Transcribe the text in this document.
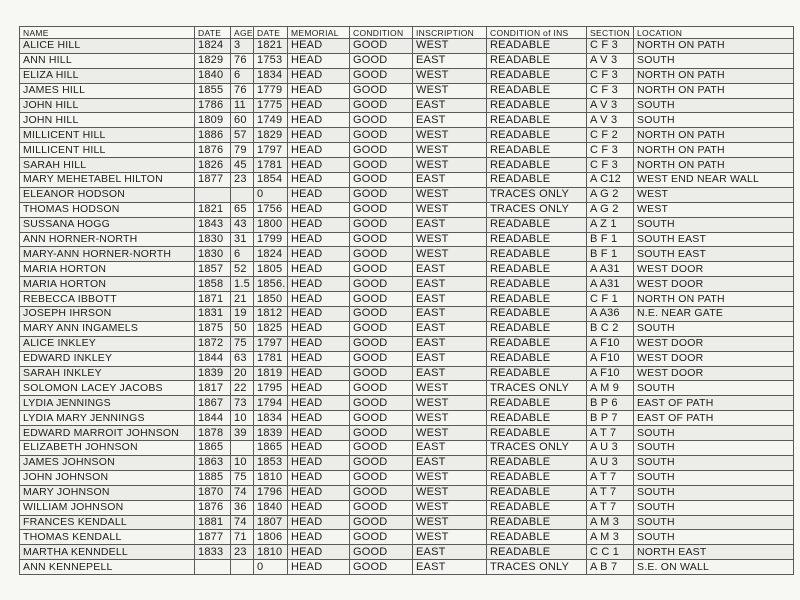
NAME	DATE	AGE	DATE	MEMORIAL	CONDITION	INSCRIPTION	CONDITION of INS	SECTION	LOCATION
ALICE HILL	1824	3	1821	HEAD	GOOD	WEST	READABLE	C F 3	NORTH ON PATH
ANN HILL	1829	76	1753	HEAD	GOOD	EAST	READABLE	A V 3	SOUTH
ELIZA HILL	1840	6	1834	HEAD	GOOD	WEST	READABLE	C F 3	NORTH ON PATH
JAMES HILL	1855	76	1779	HEAD	GOOD	WEST	READABLE	C F 3	NORTH ON PATH
JOHN HILL	1786	11	1775	HEAD	GOOD	EAST	READABLE	A V 3	SOUTH
JOHN HILL	1809	60	1749	HEAD	GOOD	EAST	READABLE	A V 3	SOUTH
MILLICENT HILL	1886	57	1829	HEAD	GOOD	WEST	READABLE	C F 2	NORTH ON PATH
MILLICENT HILL	1876	79	1797	HEAD	GOOD	WEST	READABLE	C F 3	NORTH ON PATH
SARAH HILL	1826	45	1781	HEAD	GOOD	WEST	READABLE	C F 3	NORTH ON PATH
MARY MEHETABEL HILTON	1877	23	1854	HEAD	GOOD	EAST	READABLE	A C12	WEST END NEAR WALL
ELEANOR HODSON			0	HEAD	GOOD	WEST	TRACES ONLY	A G 2	WEST
THOMAS HODSON	1821	65	1756	HEAD	GOOD	WEST	TRACES ONLY	A G 2	WEST
SUSSANA HOGG	1843	43	1800	HEAD	GOOD	EAST	READABLE	A Z 1	SOUTH
ANN HORNER-NORTH	1830	31	1799	HEAD	GOOD	WEST	READABLE	B F 1	SOUTH EAST
MARY-ANN HORNER-NORTH	1830	6	1824	HEAD	GOOD	WEST	READABLE	B F 1	SOUTH EAST
MARIA HORTON	1857	52	1805	HEAD	GOOD	EAST	READABLE	A A31	WEST DOOR
MARIA HORTON	1858	1.5	1856.	HEAD	GOOD	EAST	READABLE	A A31	WEST DOOR
REBECCA IBBOTT	1871	21	1850	HEAD	GOOD	EAST	READABLE	C F 1	NORTH ON PATH
JOSEPH IHRSON	1831	19	1812	HEAD	GOOD	EAST	READABLE	A A36	N.E. NEAR GATE
MARY ANN INGAMELS	1875	50	1825	HEAD	GOOD	EAST	READABLE	B C 2	SOUTH
ALICE INKLEY	1872	75	1797	HEAD	GOOD	EAST	READABLE	A F10	WEST DOOR
EDWARD INKLEY	1844	63	1781	HEAD	GOOD	EAST	READABLE	A F10	WEST DOOR
SARAH INKLEY	1839	20	1819	HEAD	GOOD	EAST	READABLE	A F10	WEST DOOR
SOLOMON LACEY JACOBS	1817	22	1795	HEAD	GOOD	WEST	TRACES ONLY	A M 9	SOUTH
LYDIA JENNINGS	1867	73	1794	HEAD	GOOD	WEST	READABLE	B P 6	EAST OF PATH
LYDIA MARY JENNINGS	1844	10	1834	HEAD	GOOD	WEST	READABLE	B P 7	EAST OF PATH
EDWARD MARROIT JOHNSON	1878	39	1839	HEAD	GOOD	WEST	READABLE	A T 7	SOUTH
ELIZABETH JOHNSON	1865		1865	HEAD	GOOD	EAST	TRACES ONLY	A U 3	SOUTH
JAMES JOHNSON	1863	10	1853	HEAD	GOOD	EAST	READABLE	A U 3	SOUTH
JOHN JOHNSON	1885	75	1810	HEAD	GOOD	WEST	READABLE	A T 7	SOUTH
MARY JOHNSON	1870	74	1796	HEAD	GOOD	WEST	READABLE	A T 7	SOUTH
WILLIAM JOHNSON	1876	36	1840	HEAD	GOOD	WEST	READABLE	A T 7	SOUTH
FRANCES KENDALL	1881	74	1807	HEAD	GOOD	WEST	READABLE	A M 3	SOUTH
THOMAS KENDALL	1877	71	1806	HEAD	GOOD	WEST	READABLE	A M 3	SOUTH
MARTHA KENNDELL	1833	23	1810	HEAD	GOOD	EAST	READABLE	C C 1	NORTH EAST
ANN KENNEPELL			0	HEAD	GOOD	EAST	TRACES ONLY	A B 7	S.E. ON WALL
